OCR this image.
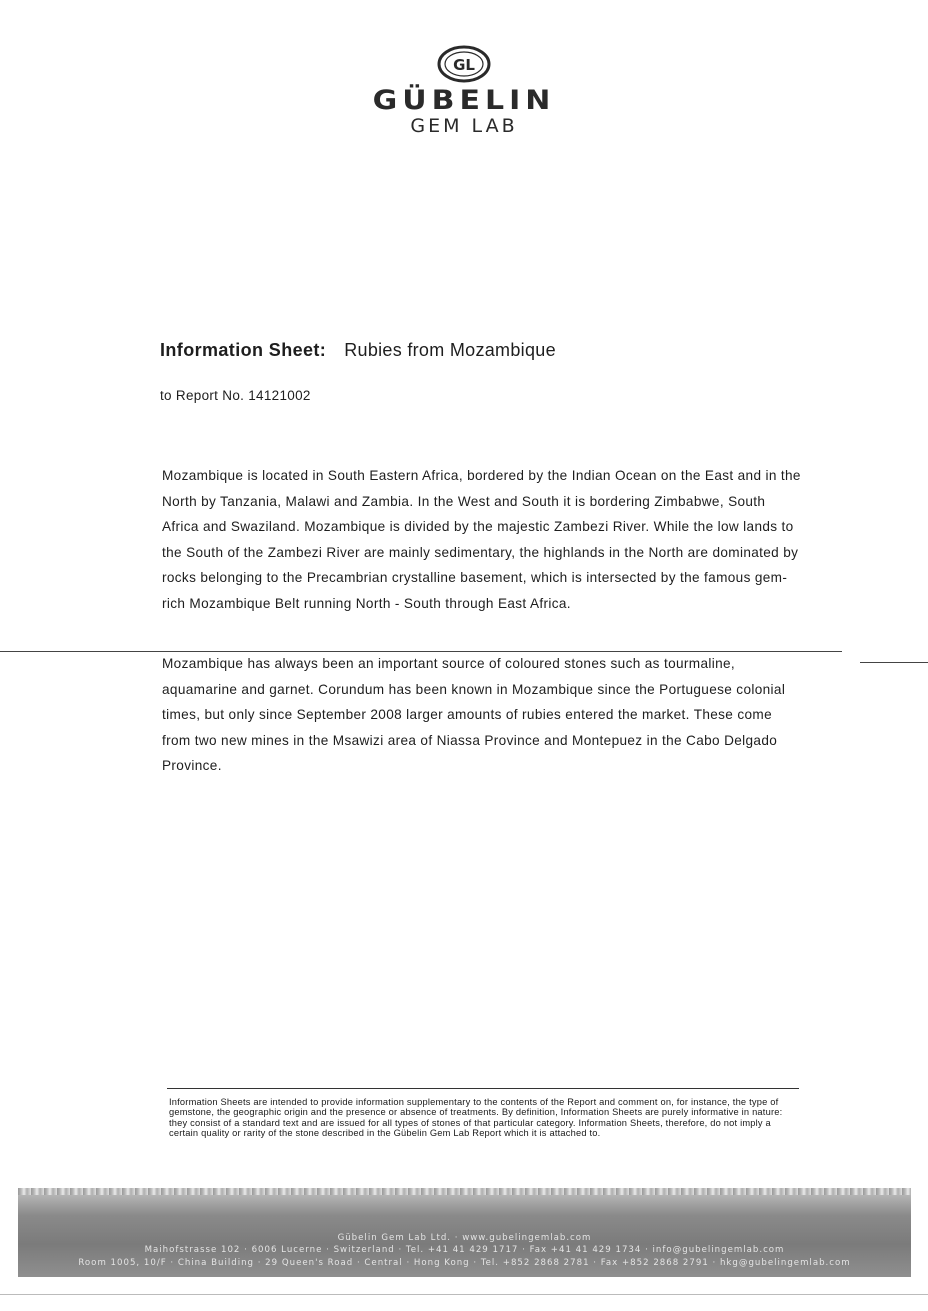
GL
GÜBELIN
GEM LAB
Information Sheet: Rubies from Mozambique
to Report No. 14121002

Mozambique is located in South Eastern Africa, bordered by the Indian Ocean on the East and in the North by Tanzania, Malawi and Zambia. In the West and South it is bordering Zimbabwe, South Africa and Swaziland. Mozambique is divided by the majestic Zambezi River. While the low lands to the South of the Zambezi River are mainly sedimentary, the highlands in the North are dominated by rocks belonging to the Precambrian crystalline basement, which is intersected by the famous gem-rich Mozambique Belt running North - South through East Africa.

Mozambique has always been an important source of coloured stones such as tourmaline, aquamarine and garnet. Corundum has been known in Mozambique since the Portuguese colonial times, but only since September 2008 larger amounts of rubies entered the market. These come from two new mines in the Msawizi area of Niassa Province and Montepuez in the Cabo Delgado Province.

Information Sheets are intended to provide information supplementary to the contents of the Report and comment on, for instance, the type of gemstone, the geographic origin and the presence or absence of treatments. By definition, Information Sheets are purely informative in nature: they consist of a standard text and are issued for all types of stones of that particular category. Information Sheets, therefore, do not imply a certain quality or rarity of the stone described in the Gübelin Gem Lab Report which it is attached to.

Gübelin Gem Lab Ltd. · www.gubelingemlab.com
Maihofstrasse 102 · 6006 Lucerne · Switzerland · Tel. +41 41 429 1717 · Fax +41 41 429 1734 · info@gubelingemlab.com
Room 1005, 10/F · China Building · 29 Queen's Road · Central · Hong Kong · Tel. +852 2868 2781 · Fax +852 2868 2791 · hkg@gubelingemlab.com
